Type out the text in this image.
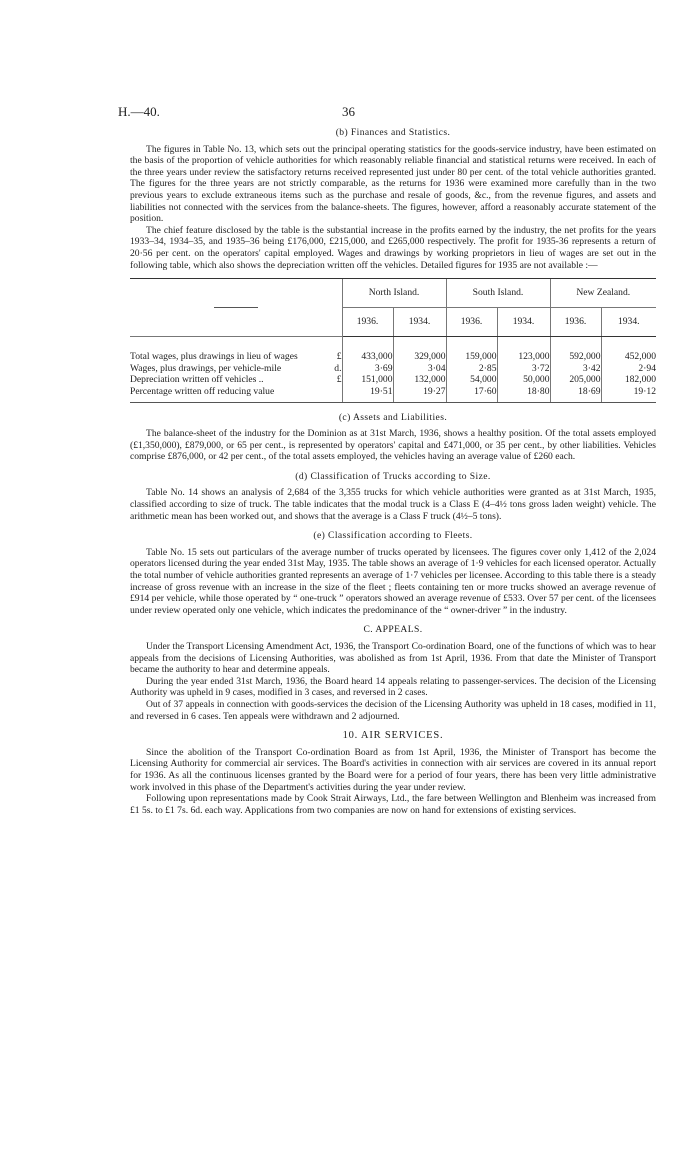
H.—40.	36
(b) Finances and Statistics.

The figures in Table No. 13, which sets out the principal operating statistics for the goods-service industry, have been estimated on the basis of the proportion of vehicle authorities for which reasonably reliable financial and statistical returns were received. In each of the three years under review the satisfactory returns received represented just under 80 per cent. of the total vehicle authorities granted. The figures for the three years are not strictly comparable, as the returns for 1936 were examined more carefully than in the two previous years to exclude extraneous items such as the purchase and resale of goods, &c., from the revenue figures, and assets and liabilities not connected with the services from the balance-sheets. The figures, however, afford a reasonably accurate statement of the position.

The chief feature disclosed by the table is the substantial increase in the profits earned by the industry, the net profits for the years 1933–34, 1934–35, and 1935–36 being £176,000, £215,000, and £265,000 respectively. The profit for 1935-36 represents a return of 20·56 per cent. on the operators' capital employed. Wages and drawings by working proprietors in lieu of wages are set out in the following table, which also shows the depreciation written off the vehicles. Detailed figures for 1935 are not available :—

		North Island.		South Island.		New Zealand.	
		1936.	1934.	1936.	1934.	1936.	1934.
Total wages, plus drawings in lieu of wages	£	433,000	329,000	159,000	123,000	592,000	452,000
Wages, plus drawings, per vehicle-mile	d.	3·69	3·04	2·85	3·72	3·42	2·94
Depreciation written off vehicles ..	£	151,000	132,000	54,000	50,000	205,000	182,000
Percentage written off reducing value		19·51	19·27	17·60	18·80	18·69	19·12
(c) Assets and Liabilities.

The balance-sheet of the industry for the Dominion as at 31st March, 1936, shows a healthy position. Of the total assets employed (£1,350,000), £879,000, or 65 per cent., is represented by operators' capital and £471,000, or 35 per cent., by other liabilities. Vehicles comprise £876,000, or 42 per cent., of the total assets employed, the vehicles having an average value of £260 each.

(d) Classification of Trucks according to Size.

Table No. 14 shows an analysis of 2,684 of the 3,355 trucks for which vehicle authorities were granted as at 31st March, 1935, classified according to size of truck. The table indicates that the modal truck is a Class E (4–4½ tons gross laden weight) vehicle. The arithmetic mean has been worked out, and shows that the average is a Class F truck (4½–5 tons).

(e) Classification according to Fleets.

Table No. 15 sets out particulars of the average number of trucks operated by licensees. The figures cover only 1,412 of the 2,024 operators licensed during the year ended 31st May, 1935. The table shows an average of 1·9 vehicles for each licensed operator. Actually the total number of vehicle authorities granted represents an average of 1·7 vehicles per licensee. According to this table there is a steady increase of gross revenue with an increase in the size of the fleet ; fleets containing ten or more trucks showed an average revenue of £914 per vehicle, while those operated by “ one-truck ” operators showed an average revenue of £533. Over 57 per cent. of the licensees under review operated only one vehicle, which indicates the predominance of the “ owner-driver ” in the industry.

C. APPEALS.

Under the Transport Licensing Amendment Act, 1936, the Transport Co-ordination Board, one of the functions of which was to hear appeals from the decisions of Licensing Authorities, was abolished as from 1st April, 1936. From that date the Minister of Transport became the authority to hear and determine appeals.

During the year ended 31st March, 1936, the Board heard 14 appeals relating to passenger-services. The decision of the Licensing Authority was upheld in 9 cases, modified in 3 cases, and reversed in 2 cases.

Out of 37 appeals in connection with goods-services the decision of the Licensing Authority was upheld in 18 cases, modified in 11, and reversed in 6 cases. Ten appeals were withdrawn and 2 adjourned.

10. AIR SERVICES.

Since the abolition of the Transport Co-ordination Board as from 1st April, 1936, the Minister of Transport has become the Licensing Authority for commercial air services. The Board's activities in connection with air services are covered in its annual report for 1936. As all the continuous licenses granted by the Board were for a period of four years, there has been very little administrative work involved in this phase of the Department's activities during the year under review.

Following upon representations made by Cook Strait Airways, Ltd., the fare between Wellington and Blenheim was increased from £1 5s. to £1 7s. 6d. each way. Applications from two companies are now on hand for extensions of existing services.
